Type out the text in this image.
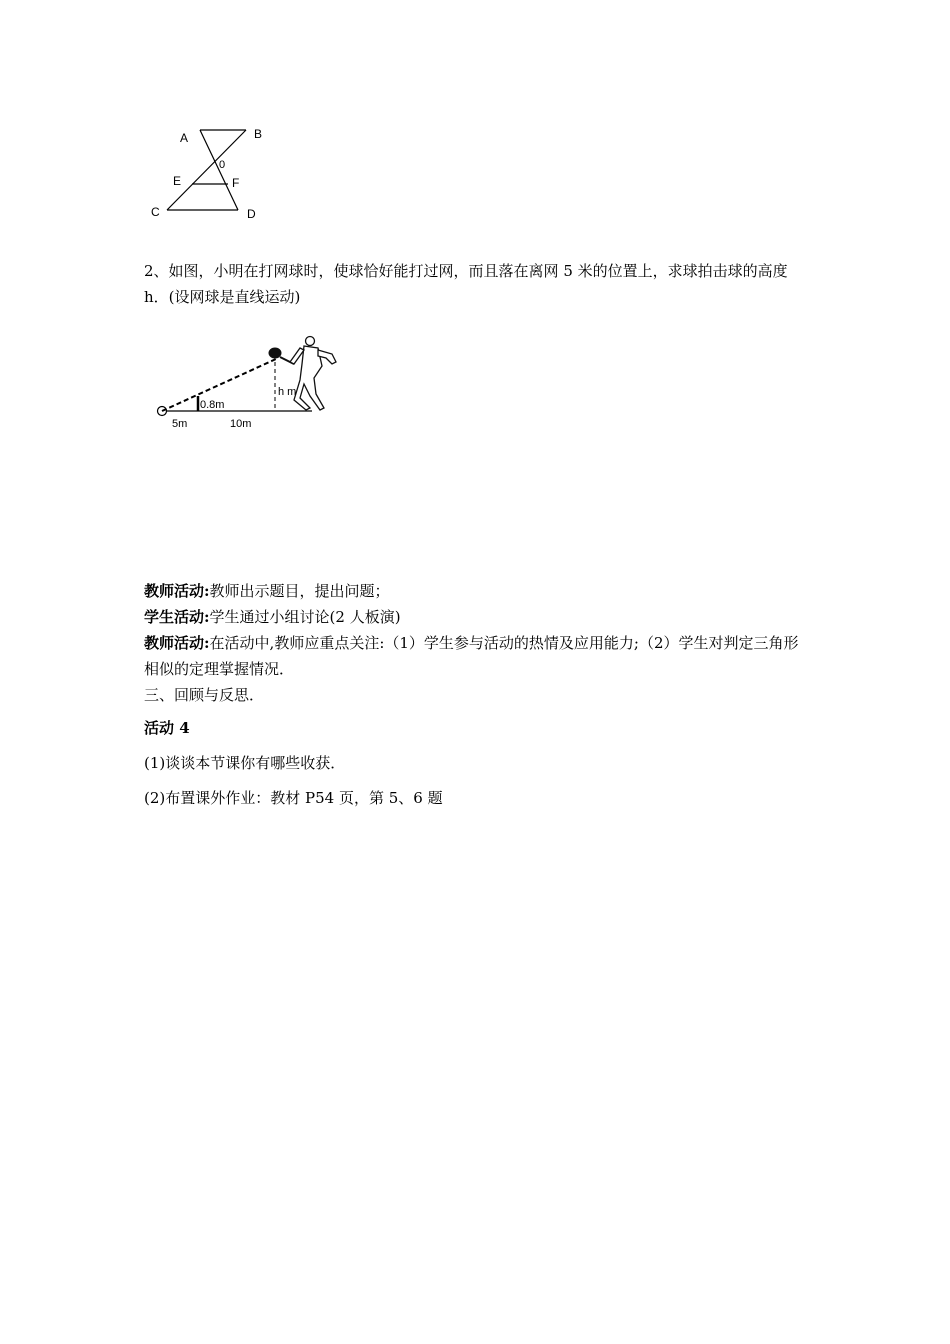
A	B
0
E	F
C	D

2、如图，小明在打网球时，使球恰好能打过网，而且落在离网 5 米的位置上，求球拍击球的高度 h．(设网球是直线运动)

0.8m
h m
5m	10m

教师活动:教师出示题目，提出问题；

学生活动:学生通过小组讨论(2 人板演)

教师活动:在活动中,教师应重点关注:（1）学生参与活动的热情及应用能力;（2）学生对判定三角形相似的定理掌握情况．

三、回顾与反思．

活动 4

(1)谈谈本节课你有哪些收获．

(2)布置课外作业：教材 P54 页，第 5、6 题
